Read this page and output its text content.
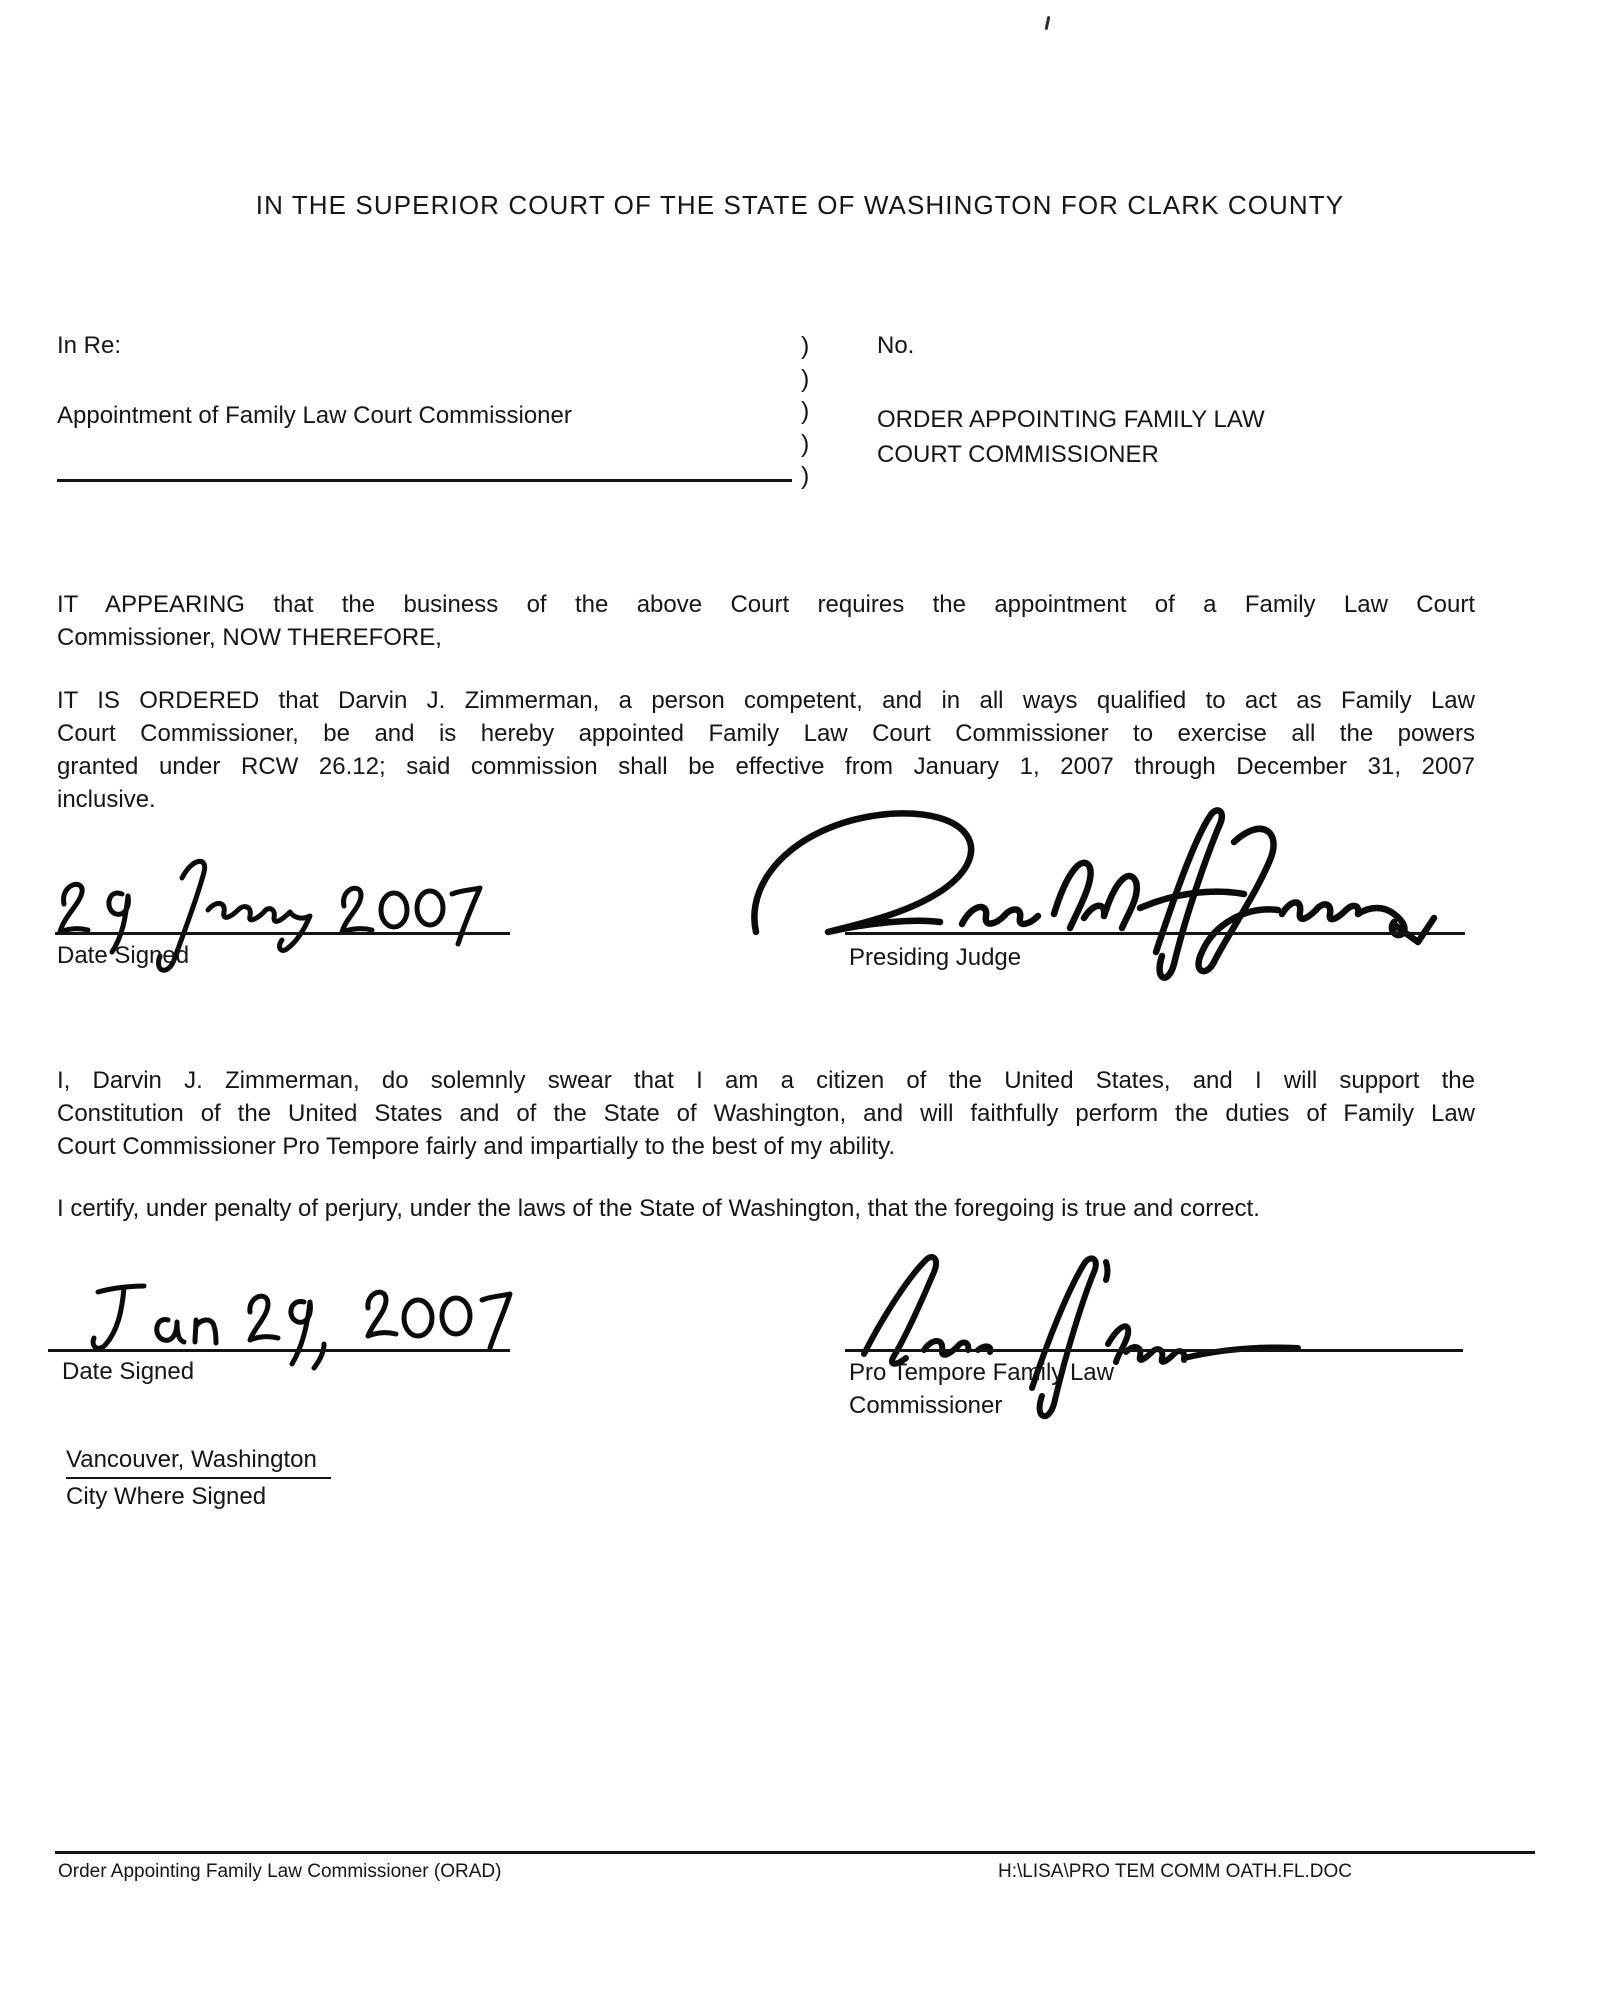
IN THE SUPERIOR COURT OF THE STATE OF WASHINGTON FOR CLARK COUNTY
In Re:
Appointment of Family Law Court Commissioner
)
)
)
)
)
No.
ORDER APPOINTING FAMILY LAW
COURT COMMISSIONER
IT APPEARING that the business of the above Court requires the appointment of a Family Law Court
Commissioner, NOW THEREFORE,
IT IS ORDERED that Darvin J. Zimmerman, a person competent, and in all ways qualified to act as Family Law
Court Commissioner, be and is hereby appointed Family Law Court Commissioner to exercise all the powers
granted under RCW 26.12; said commission shall be effective from January 1, 2007 through December 31, 2007
inclusive.
Date Signed	Presiding Judge
I, Darvin J. Zimmerman, do solemnly swear that I am a citizen of the United States, and I will support the
Constitution of the United States and of the State of Washington, and will faithfully perform the duties of Family Law
Court Commissioner Pro Tempore fairly and impartially to the best of my ability.
I certify, under penalty of perjury, under the laws of the State of Washington, that the foregoing is true and correct.
Date Signed	Pro Tempore Family Law
Commissioner
Vancouver, Washington
City Where Signed
Order Appointing Family Law Commissioner (ORAD)	H:\LISA\PRO TEM COMM OATH.FL.DOC
